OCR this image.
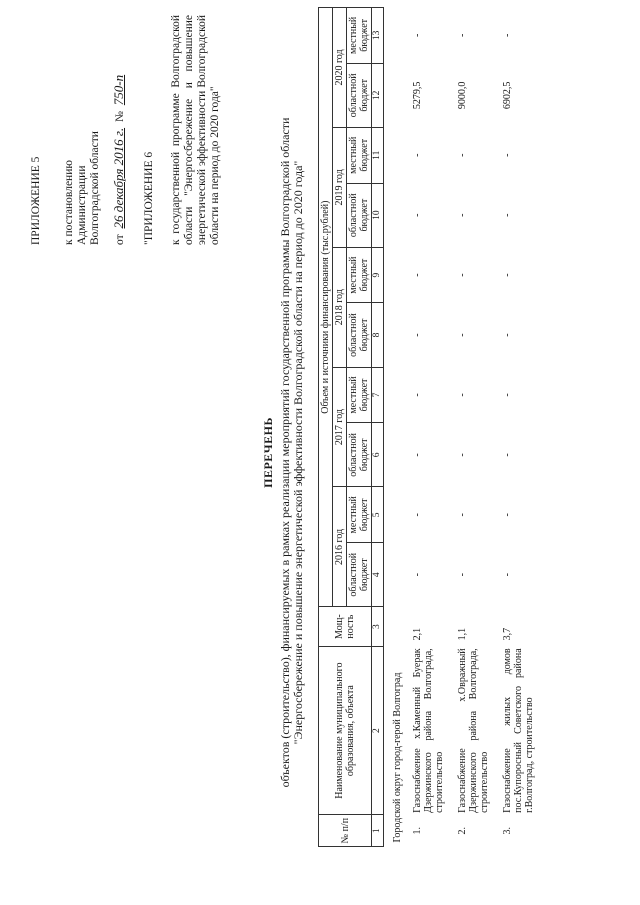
ПРИЛОЖЕНИЕ 5 к постановлению Администрации Волгоградской области от 26 декабря 2016 г. № 750-п
"ПРИЛОЖЕНИЕ 6 к государственной программе Волгоградской области "Энергосбережение и повышение энергетической эффективности Волгоградской области на период до 2020 года"
ПЕРЕЧЕНЬ объектов (строительство), финансируемых в рамках реализации мероприятий государственной программы Волгоградской области "Энергосбережение и повышение энергетической эффективности Волгоградской области на период до 2020 года"
№ п/п	Наименование муниципального образования, объекта	Мощ-ность	Объем и источники финансирования (тыс.рублей)									
			2016 год		2017 год		2018 год		2019 год		2020 год	
			областной бюджет	местный бюджет	областной бюджет	местный бюджет	областной бюджет	местный бюджет	областной бюджет	местный бюджет	областной бюджет	местный бюджет
1	2	3	4	5	6	7	8	9	10	11	12	13
Городской округ город-герой Волгоград												
1.	Газоснабжение х.Каменный Буерак Дзержинского района Волгограда, строительство	2,1	-	-	-	-	-	-	-	-	5279,5	-
2.	Газоснабжение х.Овражный Дзержинского района Волгограда, строительство	1,1	-	-	-	-	-	-	-	-	9000,0	-
3.	Газоснабжение жилых домов пос.Купоросный Советского района г.Волгоград, строительство	3,7	-	-	-	-	-	-	-	-	6902,5	-
